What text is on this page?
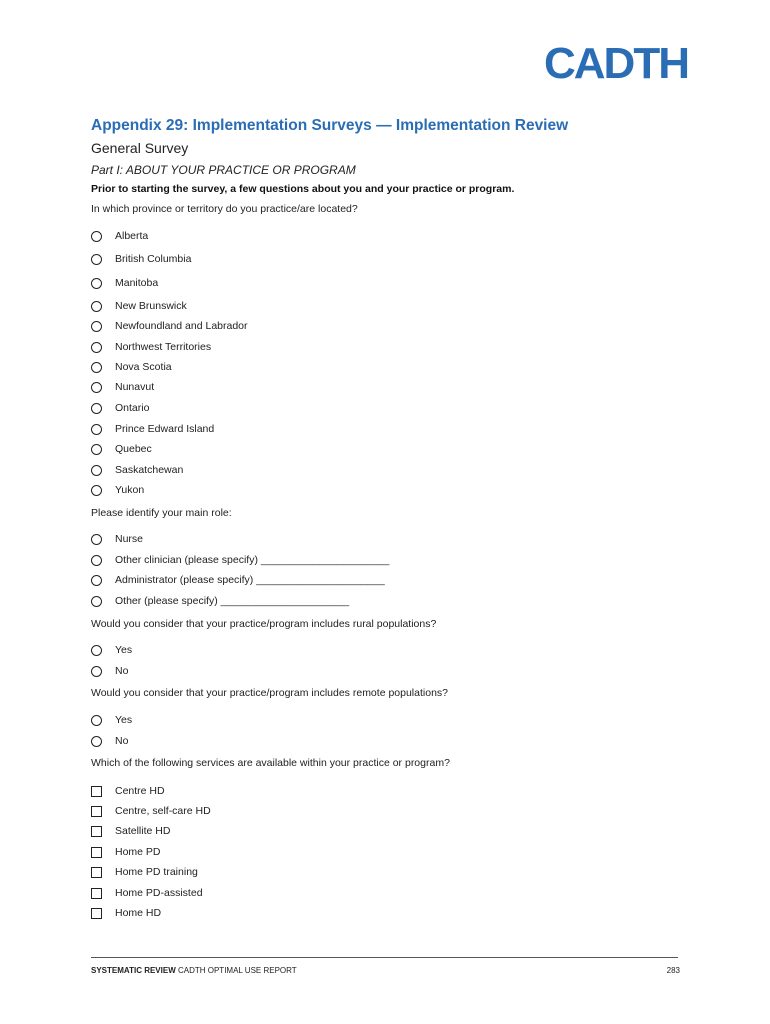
CADTH
Appendix 29: Implementation Surveys — Implementation Review
General Survey
Part I: ABOUT YOUR PRACTICE OR PROGRAM
Prior to starting the survey, a few questions about you and your practice or program.
In which province or territory do you practice/are located?
Alberta
British Columbia
Manitoba
New Brunswick
Newfoundland and Labrador
Northwest Territories
Nova Scotia
Nunavut
Ontario
Prince Edward Island
Quebec
Saskatchewan
Yukon
Please identify your main role:
Nurse
Other clinician (please specify) ______________________
Administrator (please specify) ______________________
Other (please specify) ______________________
Would you consider that your practice/program includes rural populations?
Yes
No
Would you consider that your practice/program includes remote populations?
Yes
No
Which of the following services are available within your practice or program?
Centre HD
Centre, self-care HD
Satellite HD
Home PD
Home PD training
Home PD-assisted
Home HD
SYSTEMATIC REVIEW CADTH OPTIMAL USE REPORT	283
